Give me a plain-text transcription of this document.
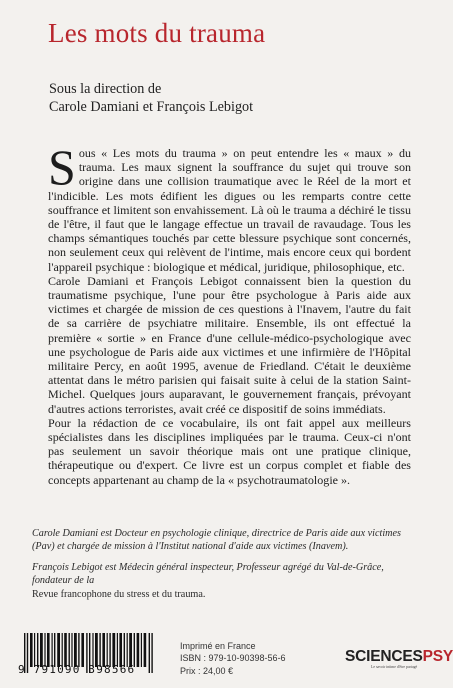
Les mots du trauma
Sous la direction de
Carole Damiani et François Lebigot

Sous « Les mots du trauma » on peut entendre les « maux » du trauma. Les maux signent la souffrance du sujet qui trouve son origine dans une collision traumatique avec le Réel de la mort et l'indicible. Les mots édifient les digues ou les remparts contre cette souffrance et limitent son envahissement. Là où le trauma a déchiré le tissu de l'être, il faut que le langage effectue un travail de ravaudage. Tous les champs sémantiques touchés par cette blessure psychique sont concernés, non seulement ceux qui relèvent de l'intime, mais encore ceux qui bordent l'appareil psychique : biologique et médical, juridique, philosophique, etc.

Carole Damiani et François Lebigot connaissent bien la question du traumatisme psychique, l'une pour être psychologue à Paris aide aux victimes et chargée de mission de ces questions à l'Inavem, l'autre du fait de sa carrière de psychiatre militaire. Ensemble, ils ont effectué la première « sortie » en France d'une cellule-médico-psychologique avec une psychologue de Paris aide aux victimes et une infirmière de l'Hôpital militaire Percy, en août 1995, avenue de Friedland. C'était le deuxième attentat dans le métro parisien qui faisait suite à celui de la station Saint-Michel. Quelques jours auparavant, le gouvernement français, prévoyant d'autres actions terroristes, avait créé ce dispositif de soins immédiats.

Pour la rédaction de ce vocabulaire, ils ont fait appel aux meilleurs spécialistes dans les disciplines impliquées par le trauma. Ceux-ci n'ont pas seulement un savoir théorique mais ont une pratique clinique, thérapeutique ou d'expert. Ce livre est un corpus complet et fiable des concepts appartenant au champ de la « psychotraumatologie ».

Carole Damiani est Docteur en psychologie clinique, directrice de Paris aide aux victimes (Pav) et chargée de mission à l'Institut national d'aide aux victimes (Inavem).

François Lebigot est Médecin général inspecteur, Professeur agrégé du Val-de-Grâce, fondateur de la
Revue francophone du stress et du trauma.

9 791090 398566
Imprimé en France
ISBN : 979-10-90398-56-6
Prix : 24,00 €
SCIENCESPSY
Le savoir intime d'être partagé
